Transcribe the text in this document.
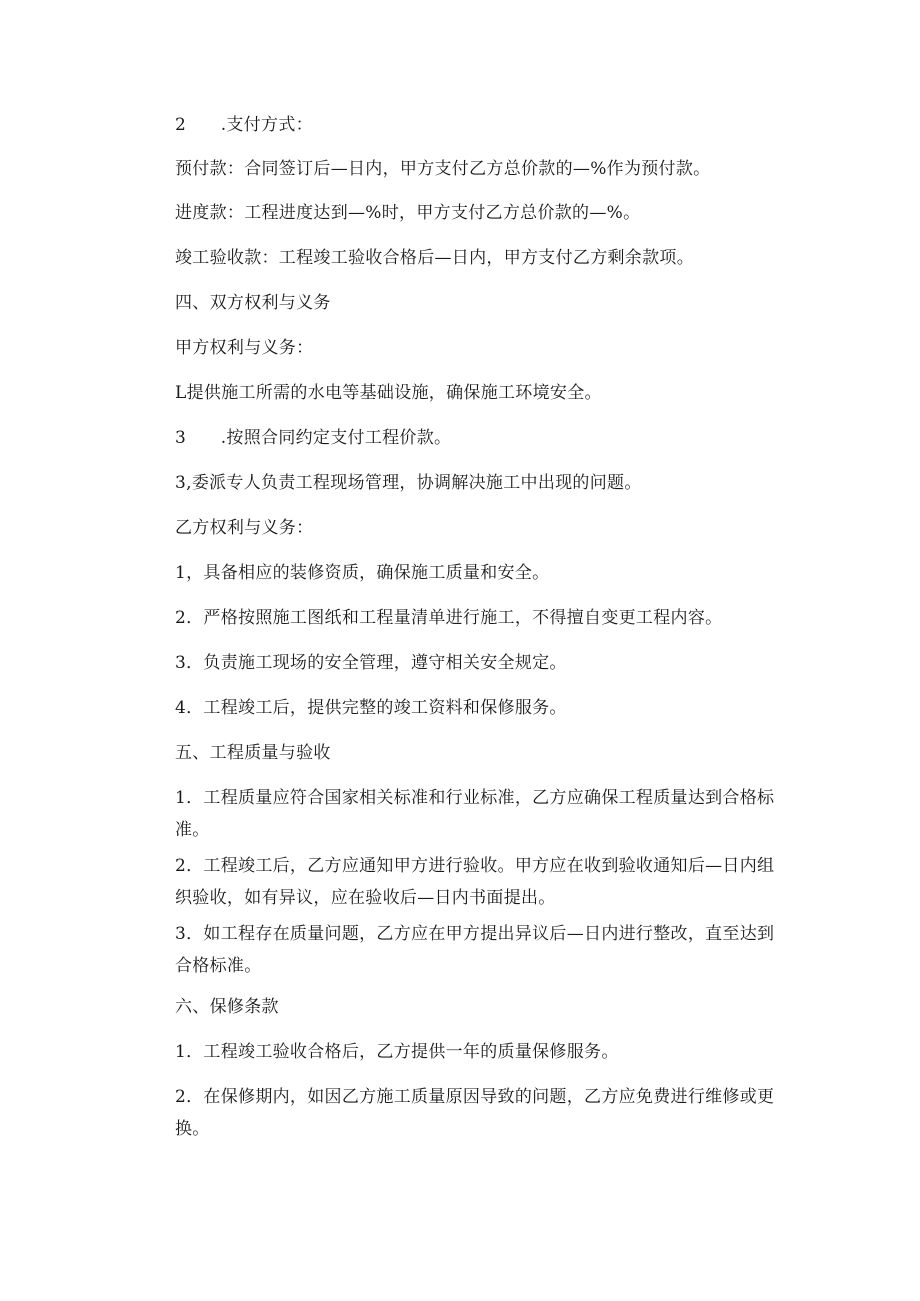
2　　.支付方式：
预付款：合同签订后—日内，甲方支付乙方总价款的—%作为预付款。
进度款：工程进度达到—%时，甲方支付乙方总价款的—%。
竣工验收款：工程竣工验收合格后—日内，甲方支付乙方剩余款项。
四、双方权利与义务
甲方权利与义务：
L提供施工所需的水电等基础设施，确保施工环境安全。
3　　.按照合同约定支付工程价款。
3,委派专人负责工程现场管理，协调解决施工中出现的问题。
乙方权利与义务：
1，具备相应的装修资质，确保施工质量和安全。
2．严格按照施工图纸和工程量清单进行施工，不得擅自变更工程内容。
3．负责施工现场的安全管理，遵守相关安全规定。
4．工程竣工后，提供完整的竣工资料和保修服务。
五、工程质量与验收
1．工程质量应符合国家相关标准和行业标准，乙方应确保工程质量达到合格标准。
2．工程竣工后，乙方应通知甲方进行验收。甲方应在收到验收通知后—日内组织验收，如有异议，应在验收后—日内书面提出。
3．如工程存在质量问题，乙方应在甲方提出异议后—日内进行整改，直至达到合格标准。
六、保修条款
1．工程竣工验收合格后，乙方提供一年的质量保修服务。
2．在保修期内，如因乙方施工质量原因导致的问题，乙方应免费进行维修或更换。
